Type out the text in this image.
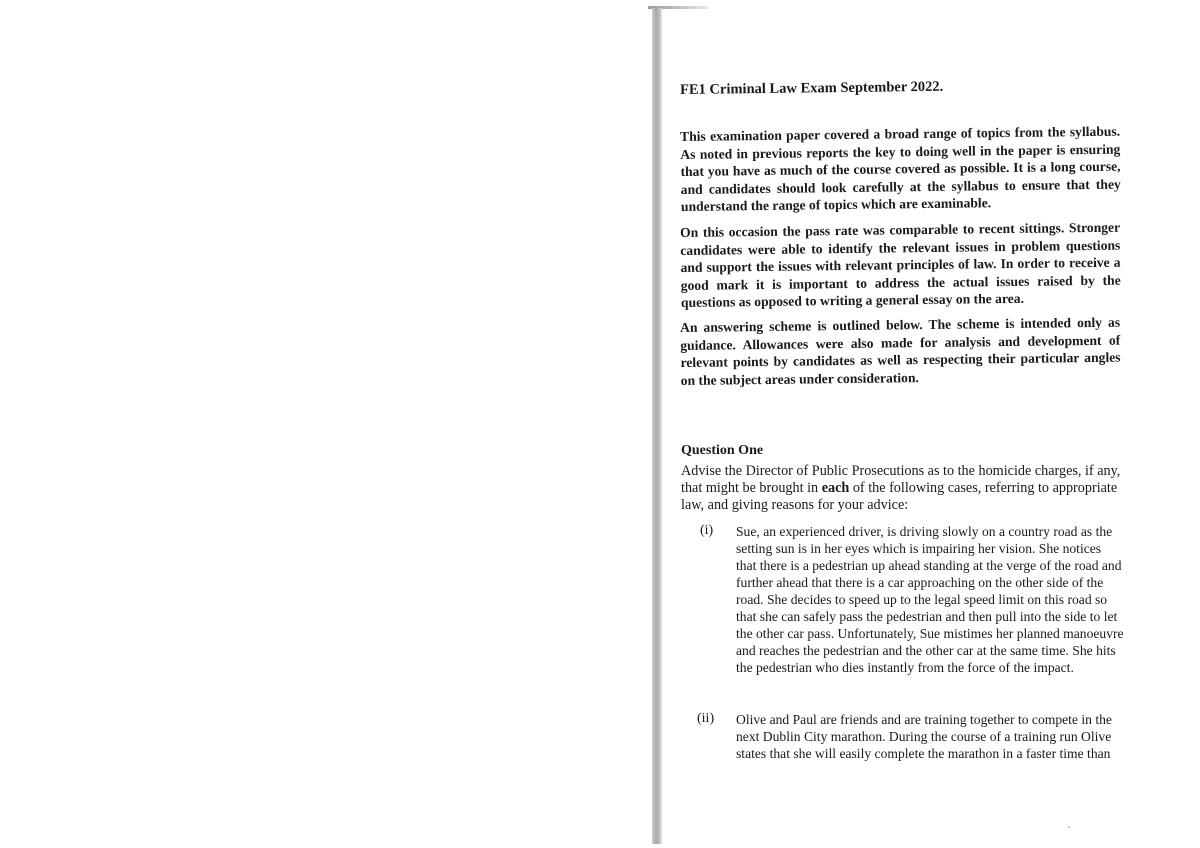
FE1 Criminal Law Exam September 2022.
This examination paper covered a broad range of topics from the syllabus. As noted in previous reports the key to doing well in the paper is ensuring that you have as much of the course covered as possible. It is a long course, and candidates should look carefully at the syllabus to ensure that they understand the range of topics which are examinable.
On this occasion the pass rate was comparable to recent sittings. Stronger candidates were able to identify the relevant issues in problem questions and support the issues with relevant principles of law. In order to receive a good mark it is important to address the actual issues raised by the questions as opposed to writing a general essay on the area.
An answering scheme is outlined below. The scheme is intended only as guidance. Allowances were also made for analysis and development of relevant points by candidates as well as respecting their particular angles on the subject areas under consideration.
Question One
Advise the Director of Public Prosecutions as to the homicide charges, if any, that might be brought in each of the following cases, referring to appropriate law, and giving reasons for your advice:
(i) Sue, an experienced driver, is driving slowly on a country road as the setting sun is in her eyes which is impairing her vision. She notices that there is a pedestrian up ahead standing at the verge of the road and further ahead that there is a car approaching on the other side of the road. She decides to speed up to the legal speed limit on this road so that she can safely pass the pedestrian and then pull into the side to let the other car pass. Unfortunately, Sue mistimes her planned manoeuvre and reaches the pedestrian and the other car at the same time. She hits the pedestrian who dies instantly from the force of the impact.
(ii) Olive and Paul are friends and are training together to compete in the next Dublin City marathon. During the course of a training run Olive states that she will easily complete the marathon in a faster time than
